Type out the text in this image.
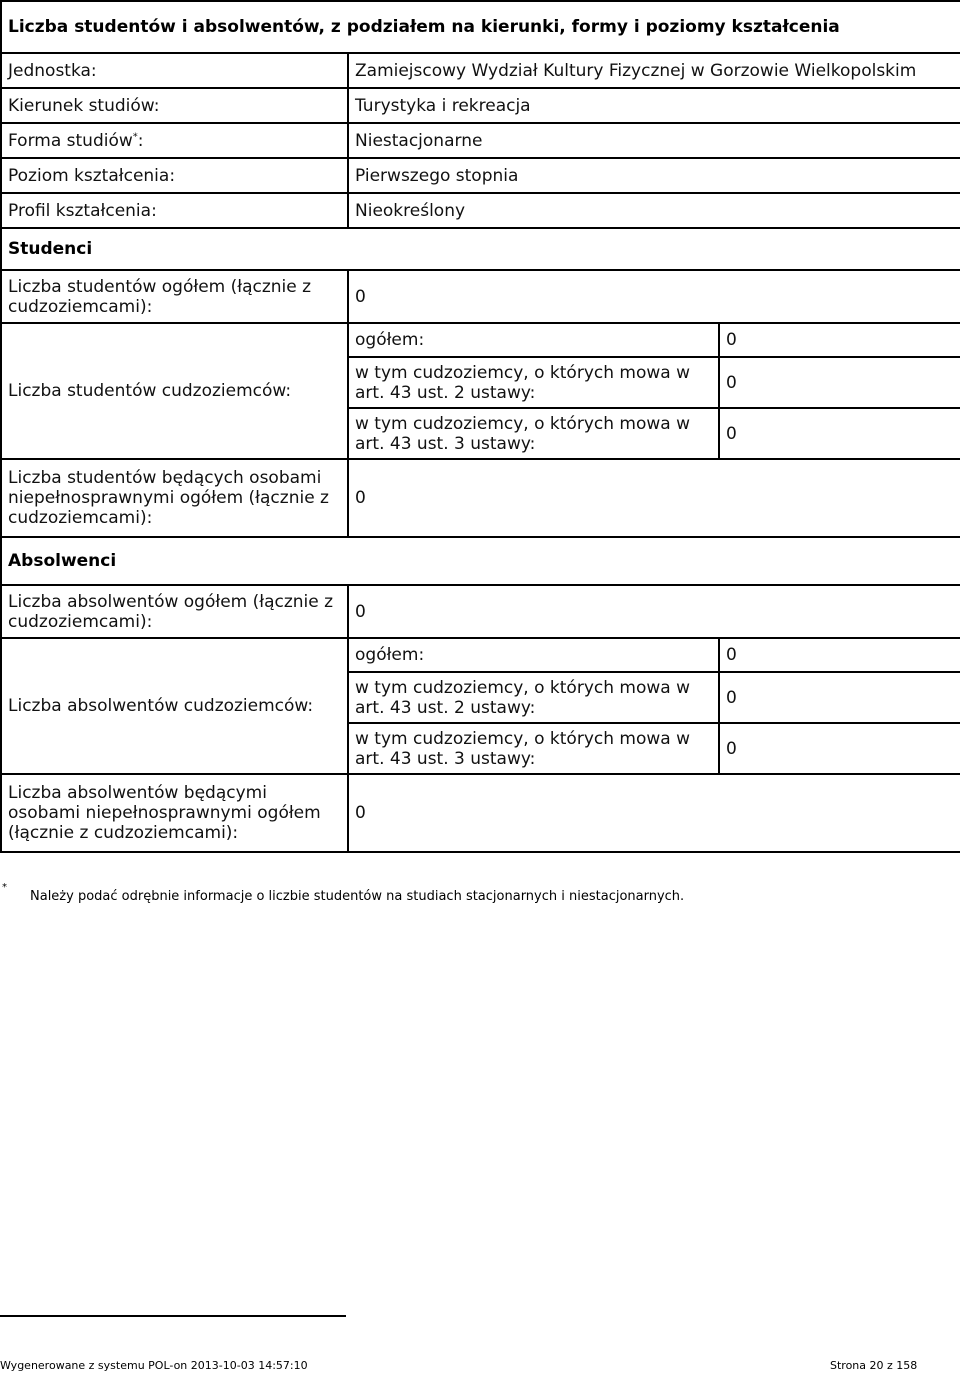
Liczba studentów i absolwentów, z podziałem na kierunki, formy i poziomy kształcenia		
Jednostka:	Zamiejscowy Wydział Kultury Fizycznej w Gorzowie Wielkopolskim	
Kierunek studiów:	Turystyka i rekreacja	
Forma studiów*:	Niestacjonarne	
Poziom kształcenia:	Pierwszego stopnia	
Profil kształcenia:	Nieokreślony	
Studenci		
Liczba studentów ogółem (łącznie z cudzoziemcami):	0	
Liczba studentów cudzoziemców:	ogółem:	0
	w tym cudzoziemcy, o których mowa w art. 43 ust. 2 ustawy:	0
	w tym cudzoziemcy, o których mowa w art. 43 ust. 3 ustawy:	0
Liczba studentów będących osobami niepełnosprawnymi ogółem (łącznie z cudzoziemcami):	0	
Absolwenci		
Liczba absolwentów ogółem (łącznie z cudzoziemcami):	0	
Liczba absolwentów cudzoziemców:	ogółem:	0
	w tym cudzoziemcy, o których mowa w art. 43 ust. 2 ustawy:	0
	w tym cudzoziemcy, o których mowa w art. 43 ust. 3 ustawy:	0
Liczba absolwentów będącymi osobami niepełnosprawnymi ogółem (łącznie z cudzoziemcami):	0	
*
Należy podać odrębnie informacje o liczbie studentów na studiach stacjonarnych i niestacjonarnych.
Wygenerowane z systemu POL-on 2013-10-03 14:57:10	Strona 20 z 158
